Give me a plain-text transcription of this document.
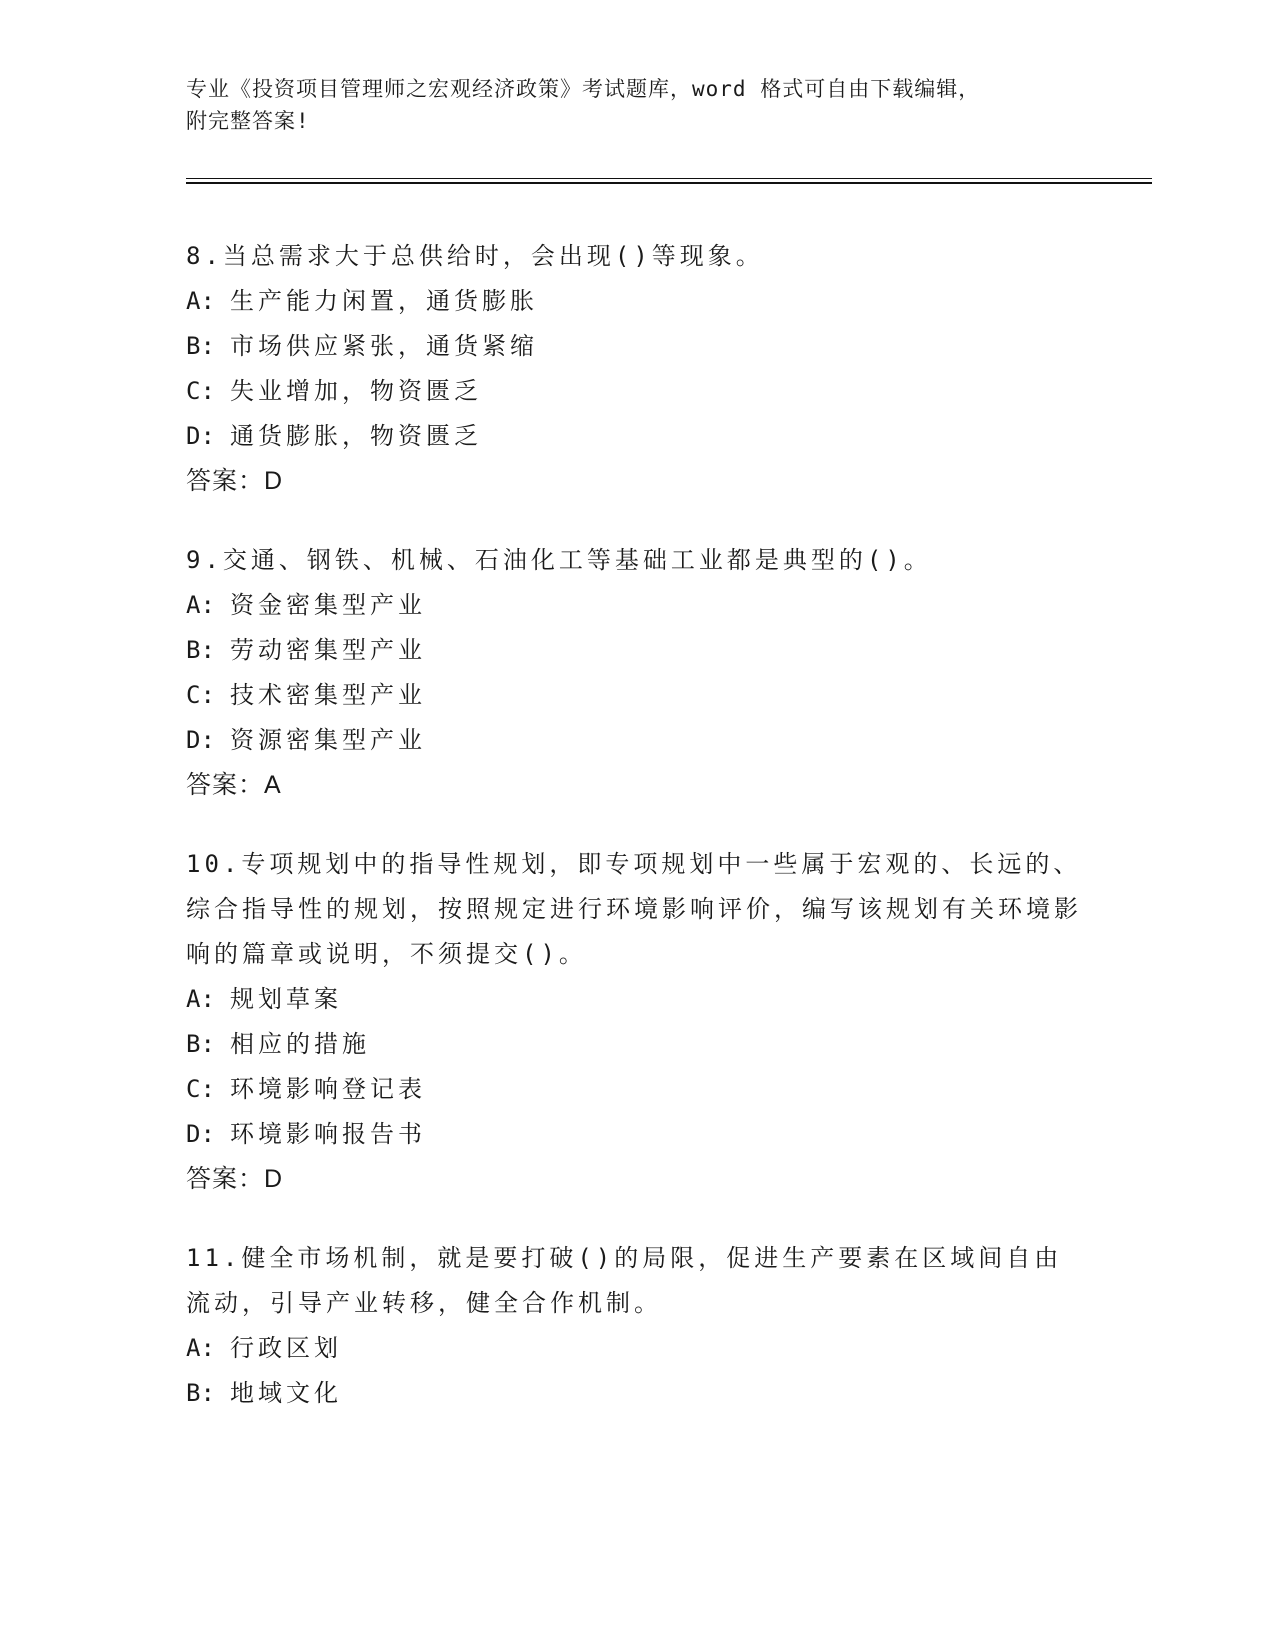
专业《投资项目管理师之宏观经济政策》考试题库，word 格式可自由下载编辑，
附完整答案!

8.当总需求大于总供给时，会出现()等现象。

A: 生产能力闲置，通货膨胀
B: 市场供应紧张，通货紧缩
C: 失业增加，物资匮乏
D: 通货膨胀，物资匮乏
答案：D

9.交通、钢铁、机械、石油化工等基础工业都是典型的()。

A: 资金密集型产业
B: 劳动密集型产业
C: 技术密集型产业
D: 资源密集型产业
答案：A

10.专项规划中的指导性规划，即专项规划中一些属于宏观的、长远的、综合指导性的规划，按照规定进行环境影响评价，编写该规划有关环境影响的篇章或说明，不须提交()。

A: 规划草案
B: 相应的措施
C: 环境影响登记表
D: 环境影响报告书
答案：D

11.健全市场机制，就是要打破()的局限，促进生产要素在区域间自由流动，引导产业转移，健全合作机制。

A: 行政区划
B: 地域文化
